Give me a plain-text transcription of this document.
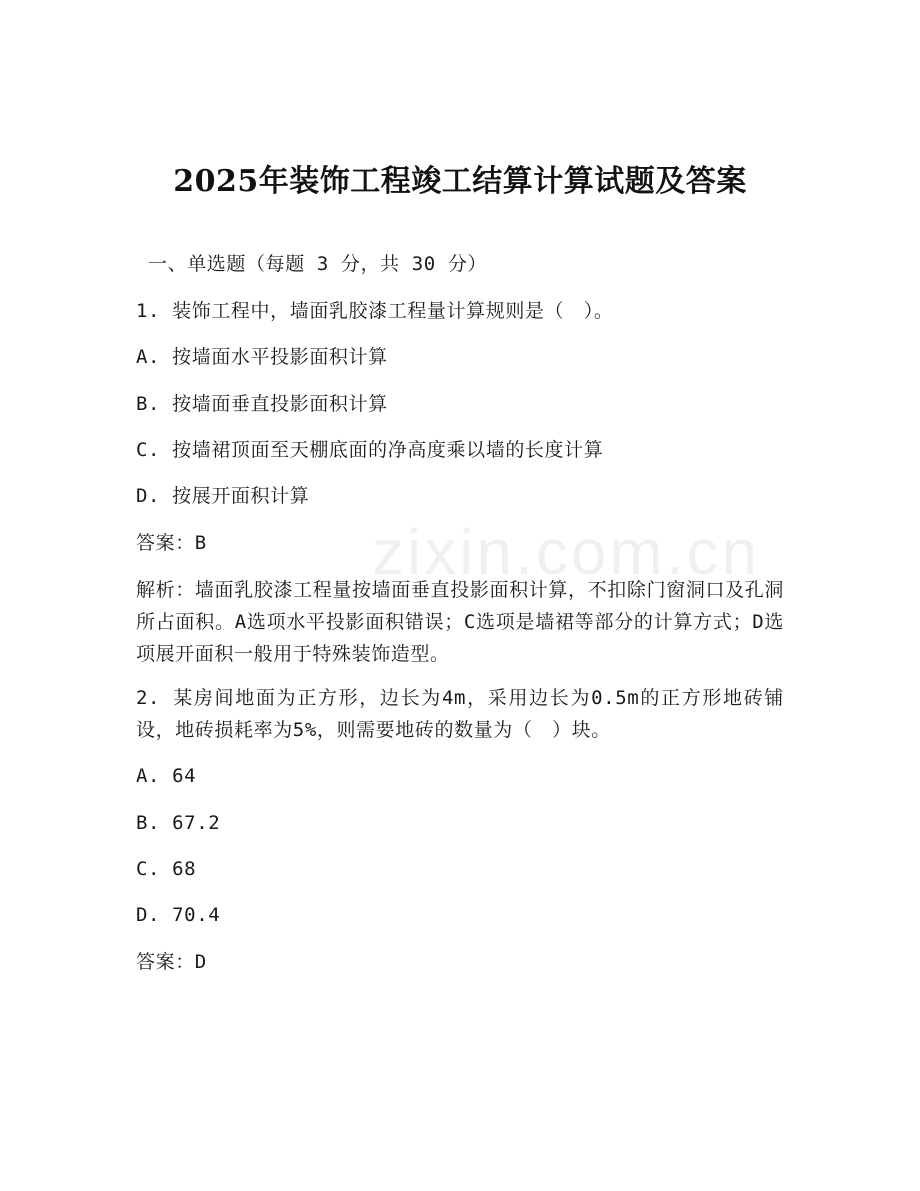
zixin.com.cn
2025年装饰工程竣工结算计算试题及答案
一、单选题（每题 3 分，共 30 分）
1. 装饰工程中，墙面乳胶漆工程量计算规则是（　）。
A. 按墙面水平投影面积计算
B. 按墙面垂直投影面积计算
C. 按墙裙顶面至天棚底面的净高度乘以墙的长度计算
D. 按展开面积计算
答案：B
解析：墙面乳胶漆工程量按墙面垂直投影面积计算，不扣除门窗洞口及孔洞所占面积。A选项水平投影面积错误；C选项是墙裙等部分的计算方式；D选项展开面积一般用于特殊装饰造型。
2. 某房间地面为正方形，边长为4m，采用边长为0.5m的正方形地砖铺设，地砖损耗率为5%，则需要地砖的数量为（　）块。
A. 64
B. 67.2
C. 68
D. 70.4
答案：D
